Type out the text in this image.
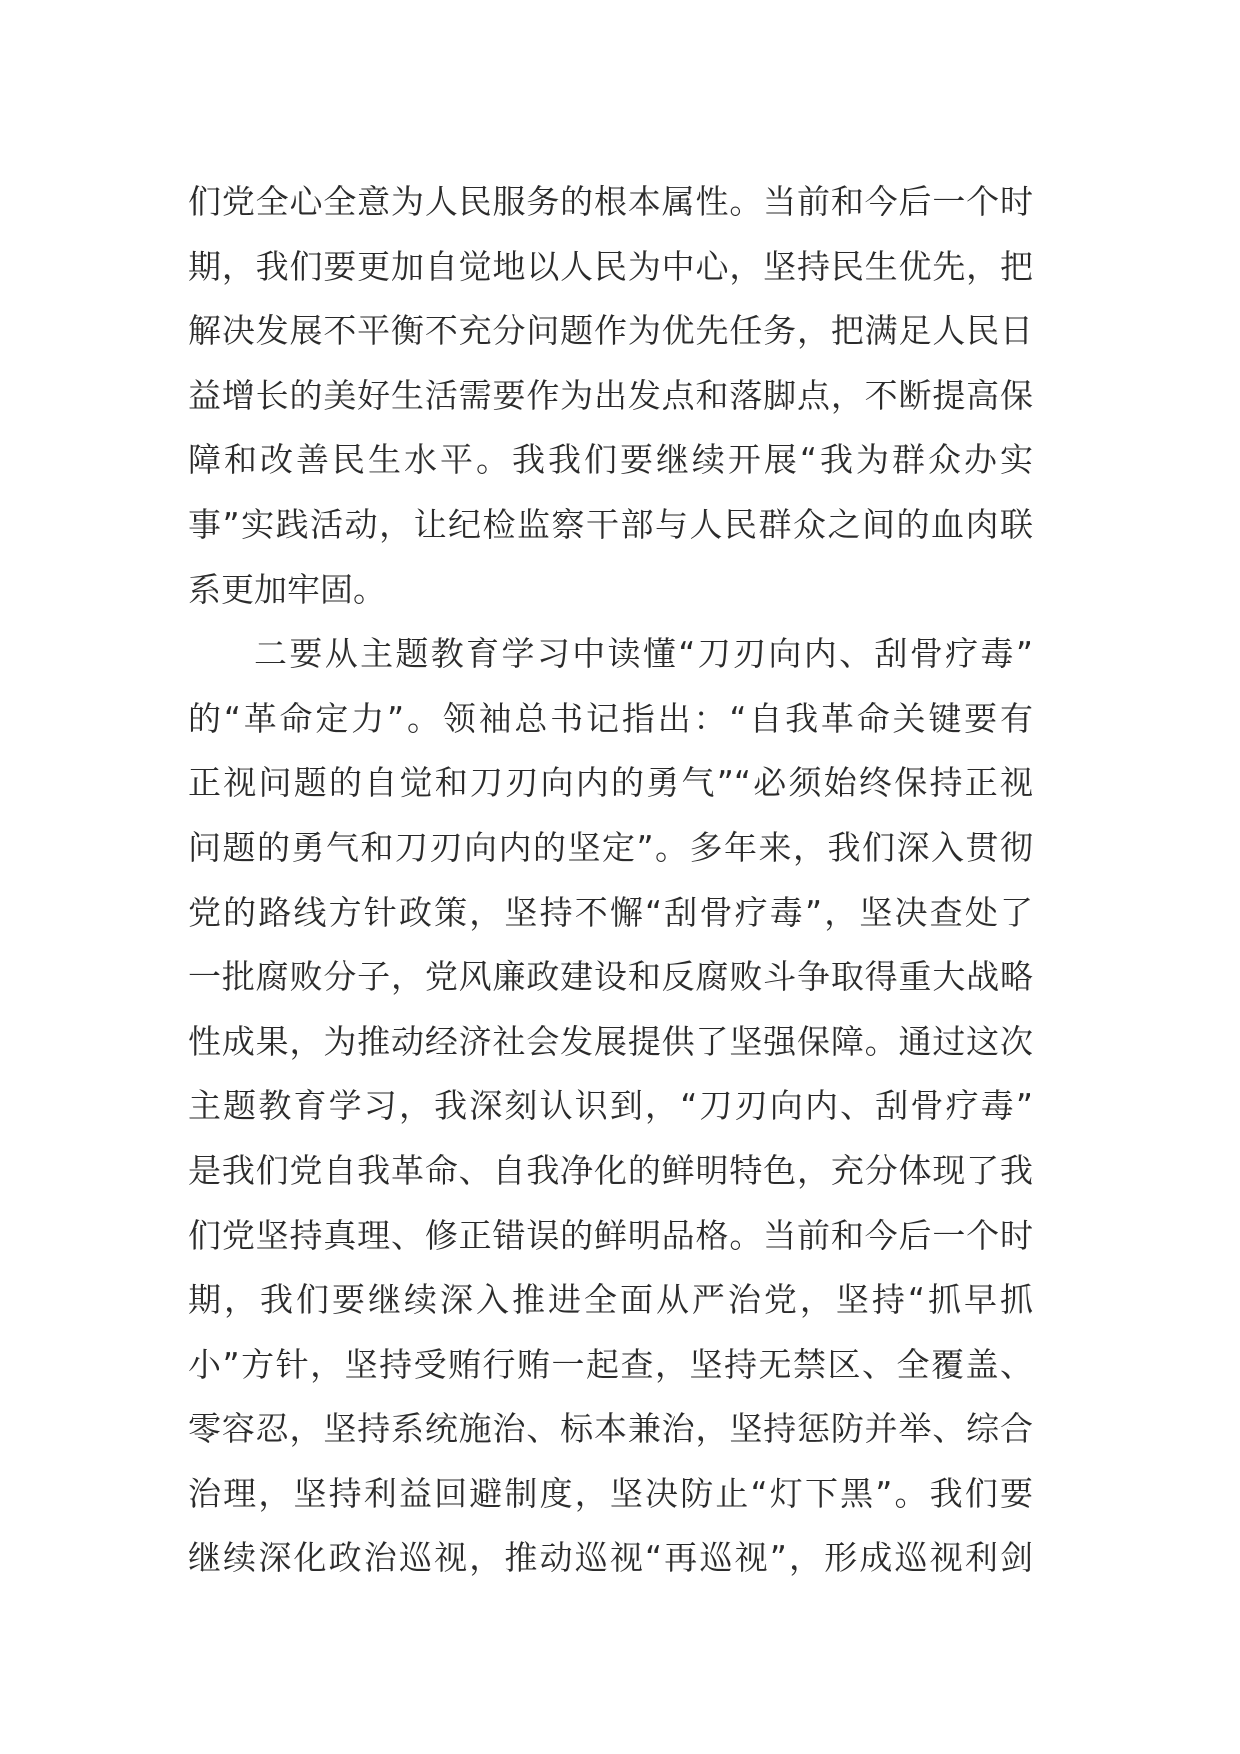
们党全心全意为人民服务的根本属性。当前和今后一个时
期，我们要更加自觉地以人民为中心，坚持民生优先，把
解决发展不平衡不充分问题作为优先任务，把满足人民日
益增长的美好生活需要作为出发点和落脚点，不断提高保
障和改善民生水平。我我们要继续开展“我为群众办实
事”实践活动，让纪检监察干部与人民群众之间的血肉联
系更加牢固。
二要从主题教育学习中读懂“刀刃向内、刮骨疗毒”
的“革命定力”。领袖总书记指出：“自我革命关键要有
正视问题的自觉和刀刃向内的勇气”“必须始终保持正视
问题的勇气和刀刃向内的坚定”。多年来，我们深入贯彻
党的路线方针政策，坚持不懈“刮骨疗毒”，坚决查处了
一批腐败分子，党风廉政建设和反腐败斗争取得重大战略
性成果，为推动经济社会发展提供了坚强保障。通过这次
主题教育学习，我深刻认识到，“刀刃向内、刮骨疗毒”
是我们党自我革命、自我净化的鲜明特色，充分体现了我
们党坚持真理、修正错误的鲜明品格。当前和今后一个时
期，我们要继续深入推进全面从严治党，坚持“抓早抓
小”方针，坚持受贿行贿一起查，坚持无禁区、全覆盖、
零容忍，坚持系统施治、标本兼治，坚持惩防并举、综合
治理，坚持利益回避制度，坚决防止“灯下黑”。我们要
继续深化政治巡视，推动巡视“再巡视”，形成巡视利剑
